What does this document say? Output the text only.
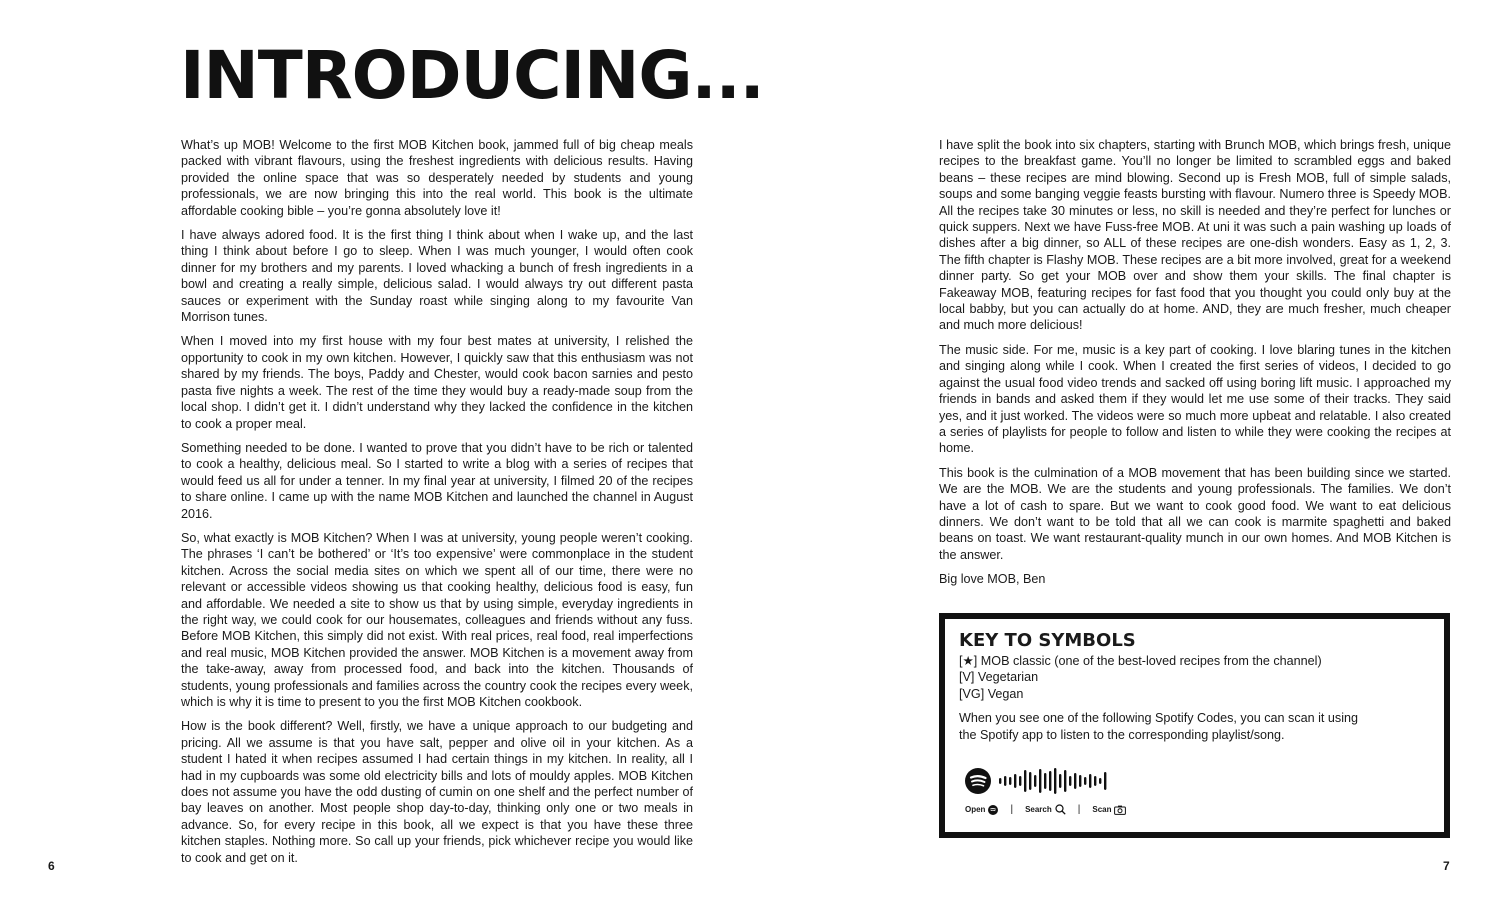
INTRODUCING...

What’s up MOB! Welcome to the first MOB Kitchen book, jammed full of big cheap meals packed with vibrant flavours, using the freshest ingredients with delicious results. Having provided the online space that was so desperately needed by students and young professionals, we are now bringing this into the real world. This book is the ultimate affordable cooking bible – you’re gonna absolutely love it!

I have always adored food. It is the first thing I think about when I wake up, and the last thing I think about before I go to sleep. When I was much younger, I would often cook dinner for my brothers and my parents. I loved whacking a bunch of fresh ingredients in a bowl and creating a really simple, delicious salad. I would always try out different pasta sauces or experiment with the Sunday roast while singing along to my favourite Van Morrison tunes.

When I moved into my first house with my four best mates at university, I relished the opportunity to cook in my own kitchen. However, I quickly saw that this enthusiasm was not shared by my friends. The boys, Paddy and Chester, would cook bacon sarnies and pesto pasta five nights a week. The rest of the time they would buy a ready-made soup from the local shop. I didn’t get it. I didn’t understand why they lacked the confidence in the kitchen to cook a proper meal.

Something needed to be done. I wanted to prove that you didn’t have to be rich or talented to cook a healthy, delicious meal. So I started to write a blog with a series of recipes that would feed us all for under a tenner. In my final year at university, I filmed 20 of the recipes to share online. I came up with the name MOB Kitchen and launched the channel in August 2016.

So, what exactly is MOB Kitchen? When I was at university, young people weren’t cooking. The phrases ‘I can’t be bothered’ or ‘It’s too expensive’ were commonplace in the student kitchen. Across the social media sites on which we spent all of our time, there were no relevant or accessible videos showing us that cooking healthy, delicious food is easy, fun and affordable. We needed a site to show us that by using simple, everyday ingredients in the right way, we could cook for our housemates, colleagues and friends without any fuss. Before MOB Kitchen, this simply did not exist. With real prices, real food, real imperfections and real music, MOB Kitchen provided the answer. MOB Kitchen is a movement away from the take-away, away from processed food, and back into the kitchen. Thousands of students, young professionals and families across the country cook the recipes every week, which is why it is time to present to you the first MOB Kitchen cookbook.

How is the book different? Well, firstly, we have a unique approach to our budgeting and pricing. All we assume is that you have salt, pepper and olive oil in your kitchen. As a student I hated it when recipes assumed I had certain things in my kitchen. In reality, all I had in my cupboards was some old electricity bills and lots of mouldy apples. MOB Kitchen does not assume you have the odd dusting of cumin on one shelf and the perfect number of bay leaves on another. Most people shop day-to-day, thinking only one or two meals in advance. So, for every recipe in this book, all we expect is that you have these three kitchen staples. Nothing more. So call up your friends, pick whichever recipe you would like to cook and get on it.

I have split the book into six chapters, starting with Brunch MOB, which brings fresh, unique recipes to the breakfast game. You’ll no longer be limited to scrambled eggs and baked beans – these recipes are mind blowing. Second up is Fresh MOB, full of simple salads, soups and some banging veggie feasts bursting with flavour. Numero three is Speedy MOB. All the recipes take 30 minutes or less, no skill is needed and they’re perfect for lunches or quick suppers. Next we have Fuss-free MOB. At uni it was such a pain washing up loads of dishes after a big dinner, so ALL of these recipes are one-dish wonders. Easy as 1, 2, 3. The fifth chapter is Flashy MOB. These recipes are a bit more involved, great for a weekend dinner party. So get your MOB over and show them your skills. The final chapter is Fakeaway MOB, featuring recipes for fast food that you thought you could only buy at the local babby, but you can actually do at home. AND, they are much fresher, much cheaper and much more delicious!

The music side. For me, music is a key part of cooking. I love blaring tunes in the kitchen and singing along while I cook. When I created the first series of videos, I decided to go against the usual food video trends and sacked off using boring lift music. I approached my friends in bands and asked them if they would let me use some of their tracks. They said yes, and it just worked. The videos were so much more upbeat and relatable. I also created a series of playlists for people to follow and listen to while they were cooking the recipes at home.

This book is the culmination of a MOB movement that has been building since we started. We are the MOB. We are the students and young professionals. The families. We don’t have a lot of cash to spare. But we want to cook good food. We want to eat delicious dinners. We don’t want to be told that all we can cook is marmite spaghetti and baked beans on toast. We want restaurant-quality munch in our own homes. And MOB Kitchen is the answer.

Big love MOB, Ben

KEY TO SYMBOLS
[★] MOB classic (one of the best-loved recipes from the channel)
[V] Vegetarian
[VG] Vegan
When you see one of the following Spotify Codes, you can scan it using the Spotify app to listen to the corresponding playlist/song.
Open	| Search	| Scan
6	7
